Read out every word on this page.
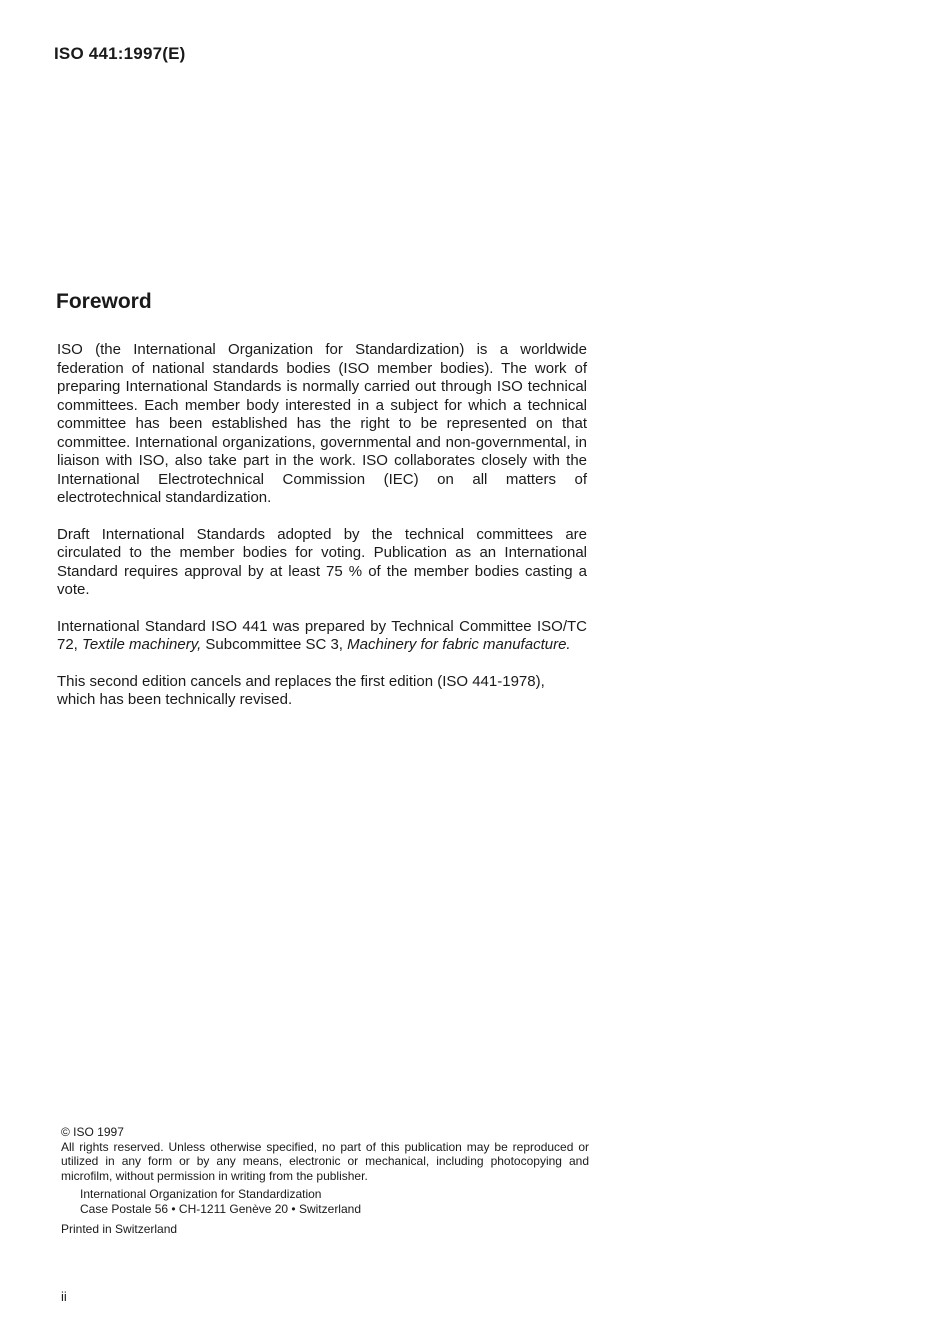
ISO 441:1997(E)
Foreword

ISO (the International Organization for Standardization) is a worldwide federation of national standards bodies (ISO member bodies). The work of preparing International Standards is normally carried out through ISO technical committees. Each member body interested in a subject for which a technical committee has been established has the right to be represented on that committee. International organizations, governmental and non-governmental, in liaison with ISO, also take part in the work. ISO collaborates closely with the International Electrotechnical Commission (IEC) on all matters of electrotechnical standardization.

Draft International Standards adopted by the technical committees are circulated to the member bodies for voting. Publication as an International Standard requires approval by at least 75 % of the member bodies casting a vote.

International Standard ISO 441 was prepared by Technical Committee ISO/TC 72, Textile machinery, Subcommittee SC 3, Machinery for fabric manufacture.

This second edition cancels and replaces the first edition (ISO 441-1978), which has been technically revised.

© ISO 1997
All rights reserved. Unless otherwise specified, no part of this publication may be reproduced or utilized in any form or by any means, electronic or mechanical, including photocopying and microfilm, without permission in writing from the publisher.
International Organization for Standardization
Case Postale 56 • CH-1211 Genève 20 • Switzerland
Printed in Switzerland
ii
